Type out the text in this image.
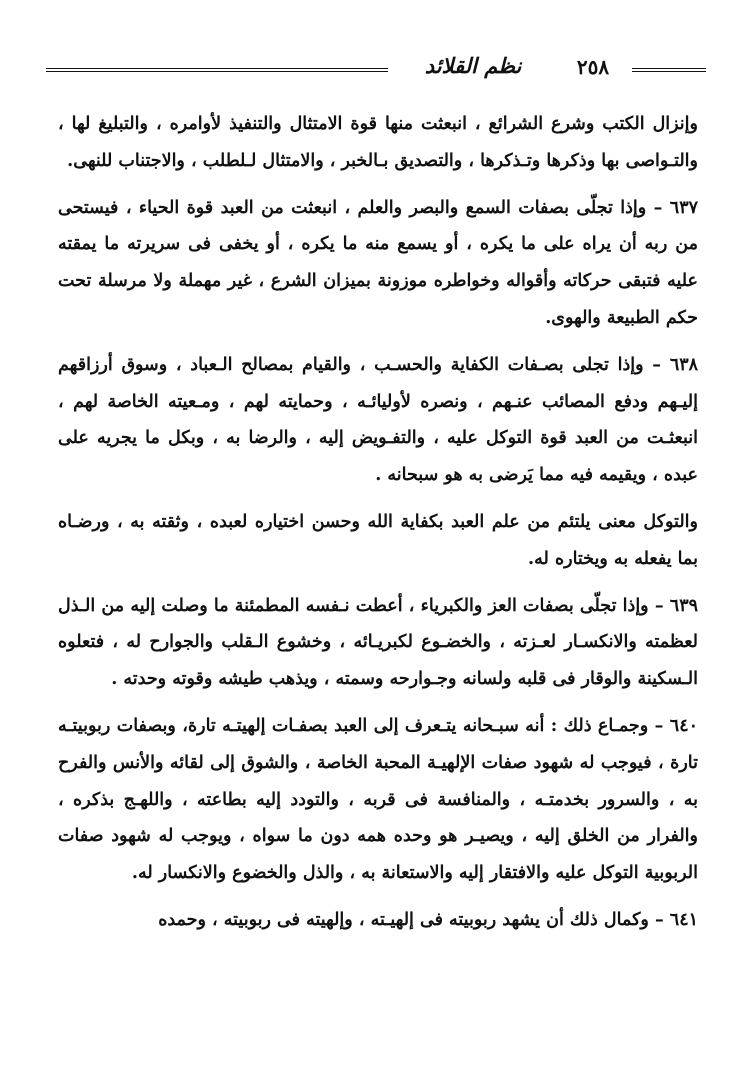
نظم القلائد	٢٥٨

وإنزال الكتب وشرع الشرائع ، انبعثت منها قوة الامتثال والتنفيذ لأوامره ، والتبليغ لها ، والتـواصى بها وذكرها وتـذكرها ، والتصديق بـالخبر ، والامتثال لـلطلب ، والاجتناب للنهى.

٦٣٧ – وإذا تجلّى بصفات السمع والبصر والعلم ، انبعثت من العبد قوة الحياء ، فيستحى من ربه أن يراه على ما يكره ، أو يسمع منه ما يكره ، أو يخفى فى سريرته ما يمقته عليه فتبقى حركاته وأقواله وخواطره موزونة بميزان الشرع ، غير مهملة ولا مرسلة تحت حكم الطبيعة والهوى.

٦٣٨ – وإذا تجلى بصـفات الكفاية والحسـب ، والقيام بمصالح الـعباد ، وسوق أرزاقهم إليـهم ودفع المصائب عنـهم ، ونصره لأوليائـه ، وحمايته لهم ، ومـعيته الخاصة لهم ، انبعثـت من العبد قوة التوكل عليه ، والتفـويض إليه ، والرضا به ، وبكل ما يجريه على عبده ، ويقيمه فيه مما يَرضى به هو سبحانه .

والتوكل معنى يلتئم من علم العبد بكفاية الله وحسن اختياره لعبده ، وثقته به ، ورضـاه بما يفعله به ويختاره له.

٦٣٩ – وإذا تجلّى بصفات العز والكبرياء ، أعطت نـفسه المطمئنة ما وصلت إليه من الـذل لعظمته والانكسـار لعـزته ، والخضـوع لكبريـائه ، وخشوع الـقلب والجوارح له ، فتعلوه الـسكينة والوقار فى قلبه ولسانه وجـوارحه وسمته ، ويذهب طيشه وقوته وحدته .

٦٤٠ – وجمـاع ذلك : أنه سبـحانه يتـعرف إلى العبد بصفـات إلهيتـه تارة، وبصفات ربوبيتـه تارة ، فيوجب له شهود صفات الإلهيـة المحبة الخاصة ، والشوق إلى لقائه والأنس والفرح به ، والسرور بخدمتـه ، والمنافسة فى قربه ، والتودد إليه بطاعته ، واللهـج بذكره ، والفرار من الخلق إليه ، ويصيـر هو وحده همه دون ما سواه ، ويوجب له شهود صفات الربوبية التوكل عليه والافتقار إليه والاستعانة به ، والذل والخضوع والانكسار له.

٦٤١ – وكمال ذلك أن يشهد ربوبيته فى إلهيـته ، وإلهيته فى ربوبيته ، وحمده
